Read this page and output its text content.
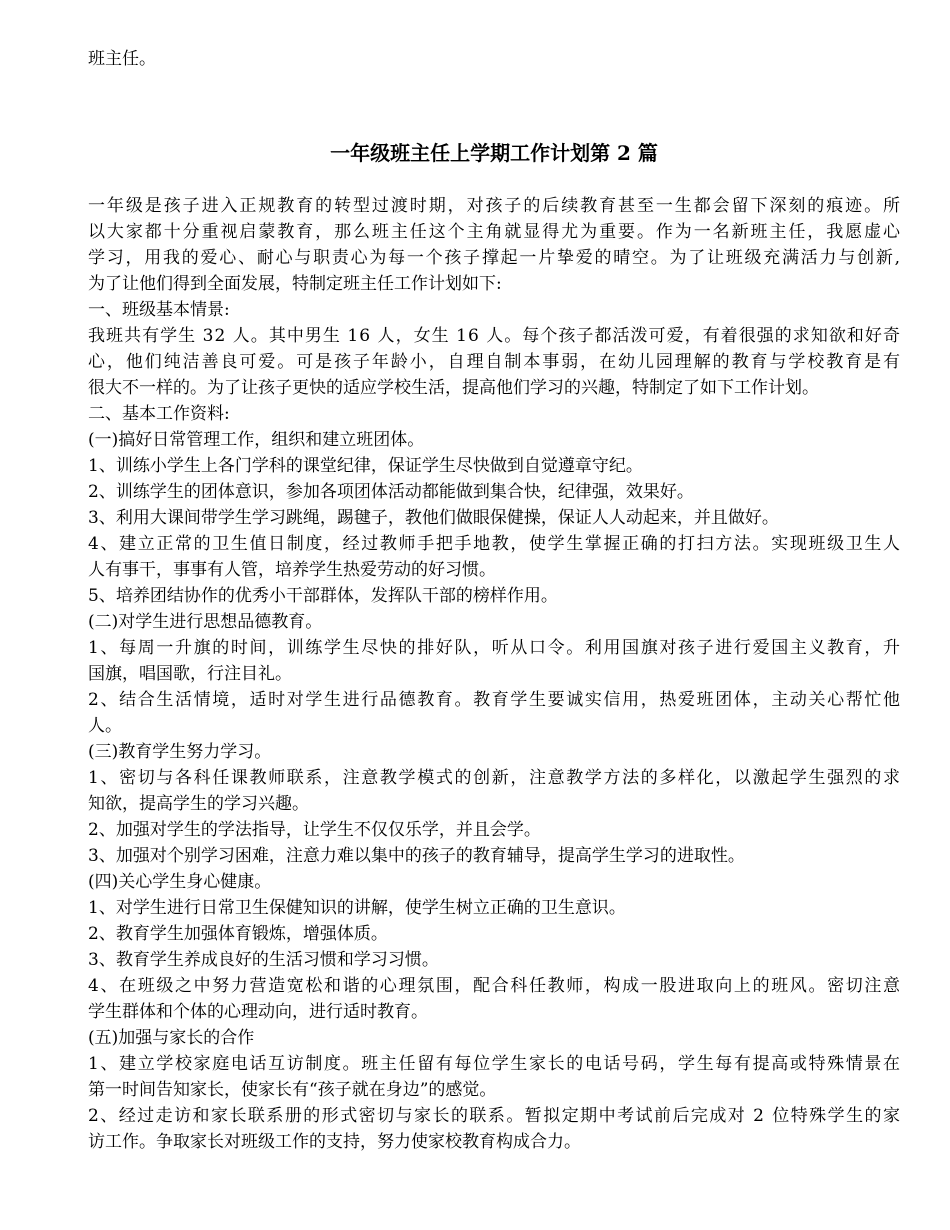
班主任。
一年级班主任上学期工作计划第 2 篇
一年级是孩子进入正规教育的转型过渡时期，对孩子的后续教育甚至一生都会留下深刻的痕迹。所
以大家都十分重视启蒙教育，那么班主任这个主角就显得尤为重要。作为一名新班主任，我愿虚心
学习，用我的爱心、耐心与职责心为每一个孩子撑起一片挚爱的晴空。为了让班级充满活力与创新,
为了让他们得到全面发展，特制定班主任工作计划如下:
一、班级基本情景:
我班共有学生 32 人。其中男生 16 人，女生 16 人。每个孩子都活泼可爱，有着很强的求知欲和好奇
心，他们纯洁善良可爱。可是孩子年龄小，自理自制本事弱，在幼儿园理解的教育与学校教育是有
很大不一样的。为了让孩子更快的适应学校生活，提高他们学习的兴趣，特制定了如下工作计划。
二、基本工作资料:
(一)搞好日常管理工作，组织和建立班团体。
1、训练小学生上各门学科的课堂纪律，保证学生尽快做到自觉遵章守纪。
2、训练学生的团体意识，参加各项团体活动都能做到集合快，纪律强，效果好。
3、利用大课间带学生学习跳绳，踢毽子，教他们做眼保健操，保证人人动起来，并且做好。
4、建立正常的卫生值日制度，经过教师手把手地教，使学生掌握正确的打扫方法。实现班级卫生人
人有事干，事事有人管，培养学生热爱劳动的好习惯。
5、培养团结协作的优秀小干部群体，发挥队干部的榜样作用。
(二)对学生进行思想品德教育。
1、每周一升旗的时间，训练学生尽快的排好队，听从口令。利用国旗对孩子进行爱国主义教育，升
国旗，唱国歌，行注目礼。
2、结合生活情境，适时对学生进行品德教育。教育学生要诚实信用，热爱班团体，主动关心帮忙他
人。
(三)教育学生努力学习。
1、密切与各科任课教师联系，注意教学模式的创新，注意教学方法的多样化，以激起学生强烈的求
知欲，提高学生的学习兴趣。
2、加强对学生的学法指导，让学生不仅仅乐学，并且会学。
3、加强对个别学习困难，注意力难以集中的孩子的教育辅导，提高学生学习的进取性。
(四)关心学生身心健康。
1、对学生进行日常卫生保健知识的讲解，使学生树立正确的卫生意识。
2、教育学生加强体育锻炼，增强体质。
3、教育学生养成良好的生活习惯和学习习惯。
4、在班级之中努力营造宽松和谐的心理氛围，配合科任教师，构成一股进取向上的班风。密切注意
学生群体和个体的心理动向，进行适时教育。
(五)加强与家长的合作
1、建立学校家庭电话互访制度。班主任留有每位学生家长的电话号码，学生每有提高或特殊情景在
第一时间告知家长，使家长有“孩子就在身边”的感觉。
2、经过走访和家长联系册的形式密切与家长的联系。暂拟定期中考试前后完成对 2 位特殊学生的家
访工作。争取家长对班级工作的支持，努力使家校教育构成合力。
